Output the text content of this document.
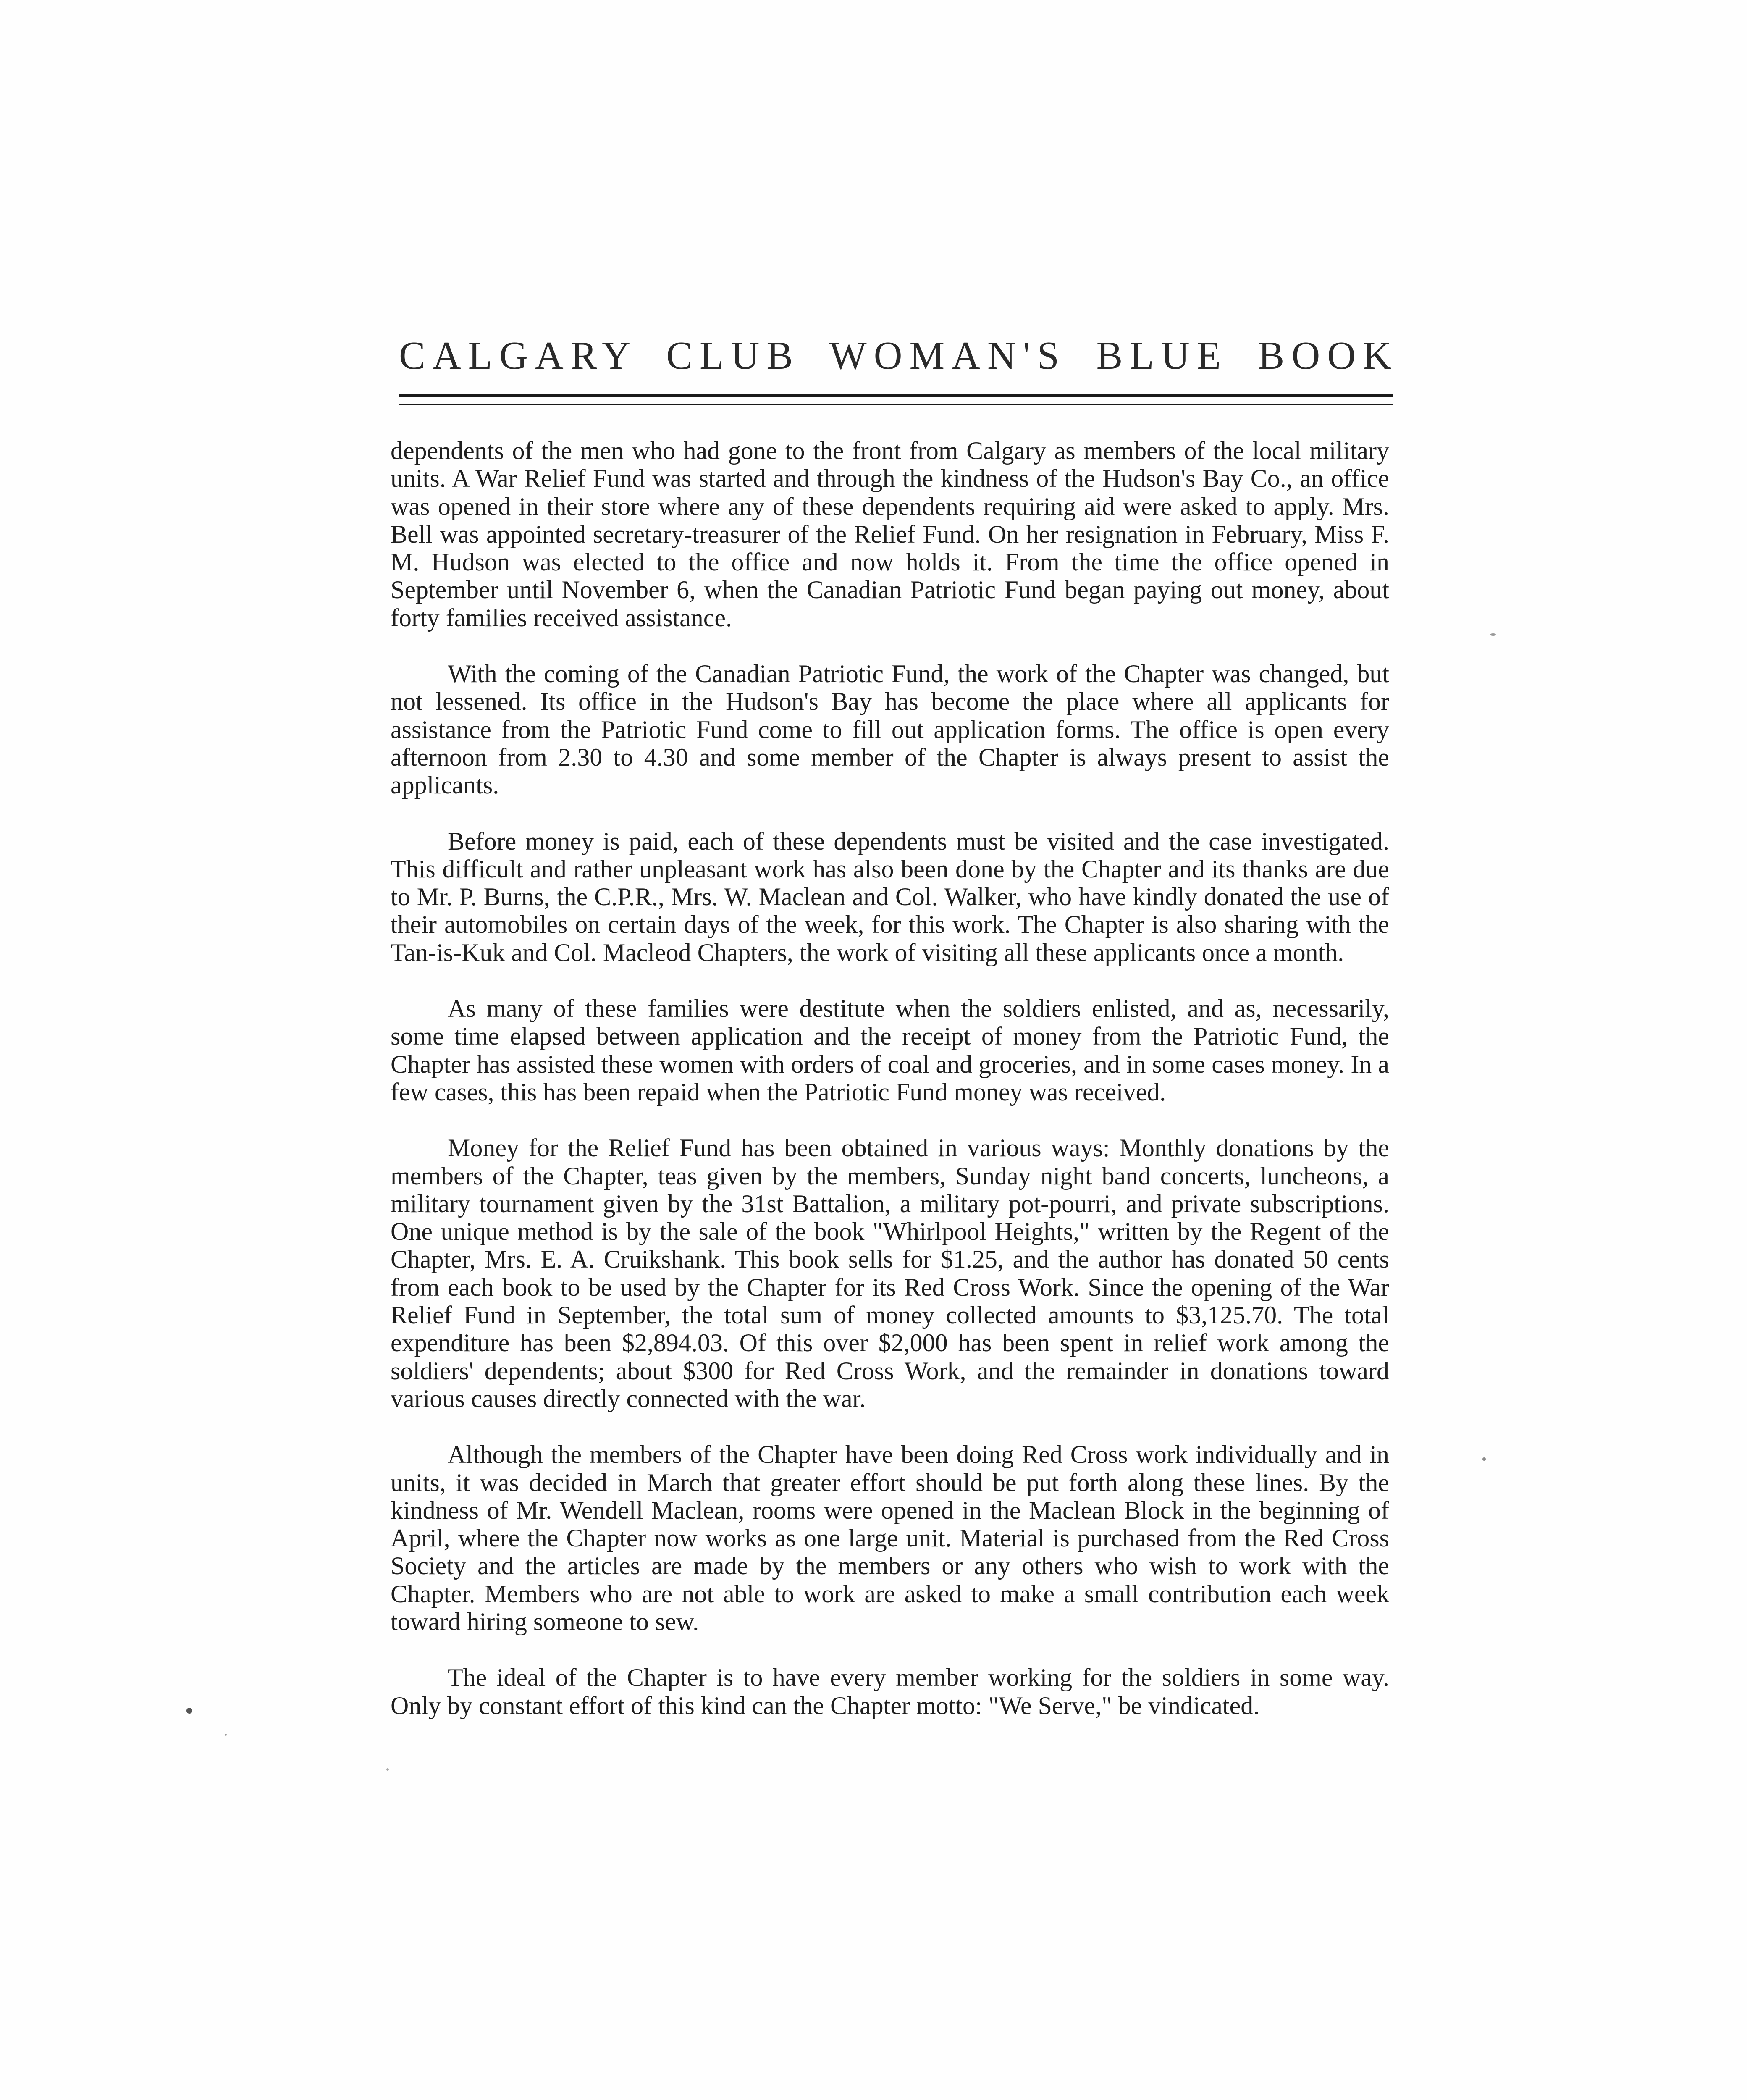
CALGARY CLUB WOMAN'S BLUE BOOK

dependents of the men who had gone to the front from Calgary as members of the local military units. A War Relief Fund was started and through the kindness of the Hudson's Bay Co., an office was opened in their store where any of these dependents requiring aid were asked to apply. Mrs. Bell was appointed secretary-treasurer of the Relief Fund. On her resignation in February, Miss F. M. Hudson was elected to the office and now holds it. From the time the office opened in September until November 6, when the Canadian Patriotic Fund began paying out money, about forty families received assistance.

With the coming of the Canadian Patriotic Fund, the work of the Chapter was changed, but not lessened. Its office in the Hudson's Bay has become the place where all applicants for assistance from the Patriotic Fund come to fill out application forms. The office is open every afternoon from 2.30 to 4.30 and some member of the Chapter is always present to assist the applicants.

Before money is paid, each of these dependents must be visited and the case investigated. This difficult and rather unpleasant work has also been done by the Chapter and its thanks are due to Mr. P. Burns, the C.P.R., Mrs. W. Maclean and Col. Walker, who have kindly donated the use of their automobiles on certain days of the week, for this work. The Chapter is also sharing with the Tan-is-Kuk and Col. Macleod Chapters, the work of visiting all these applicants once a month.

As many of these families were destitute when the soldiers enlisted, and as, necessarily, some time elapsed between application and the receipt of money from the Patriotic Fund, the Chapter has assisted these women with orders of coal and groceries, and in some cases money. In a few cases, this has been repaid when the Patriotic Fund money was received.

Money for the Relief Fund has been obtained in various ways: Monthly donations by the members of the Chapter, teas given by the members, Sunday night band concerts, luncheons, a military tournament given by the 31st Battalion, a military pot-pourri, and private subscriptions. One unique method is by the sale of the book "Whirlpool Heights," written by the Regent of the Chapter, Mrs. E. A. Cruikshank. This book sells for $1.25, and the author has donated 50 cents from each book to be used by the Chapter for its Red Cross Work. Since the opening of the War Relief Fund in September, the total sum of money collected amounts to $3,125.70. The total expenditure has been $2,894.03. Of this over $2,000 has been spent in relief work among the soldiers' dependents; about $300 for Red Cross Work, and the remainder in donations toward various causes directly connected with the war.

Although the members of the Chapter have been doing Red Cross work individually and in units, it was decided in March that greater effort should be put forth along these lines. By the kindness of Mr. Wendell Maclean, rooms were opened in the Maclean Block in the beginning of April, where the Chapter now works as one large unit. Material is purchased from the Red Cross Society and the articles are made by the members or any others who wish to work with the Chapter. Members who are not able to work are asked to make a small contribution each week toward hiring someone to sew.

The ideal of the Chapter is to have every member working for the soldiers in some way. Only by constant effort of this kind can the Chapter motto: "We Serve," be vindicated.
